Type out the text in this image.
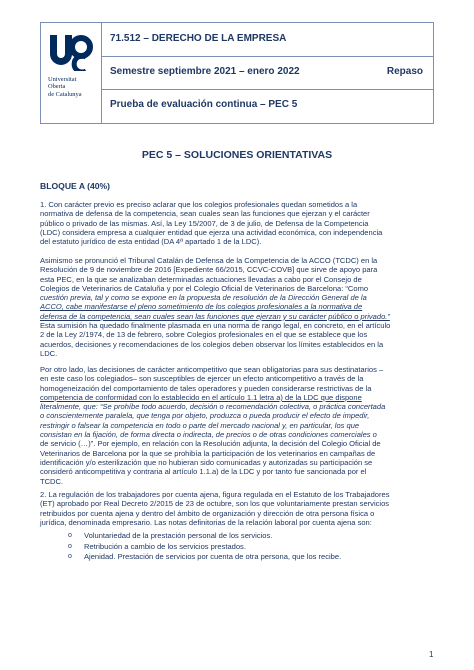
Universitat
Oberta
de Catalunya
71.512 – DERECHO DE LA EMPRESA
Semestre septiembre 2021 – enero 2022	Repaso
Prueba de evaluación continua – PEC 5
PEC 5 – SOLUCIONES ORIENTATIVAS
BLOQUE A (40%)

1. Con carácter previo es preciso aclarar que los colegios profesionales quedan sometidos a la
normativa de defensa de la competencia, sean cuales sean las funciones que ejerzan y el carácter
público o privado de las mismas. Así, la Ley 15/2007, de 3 de julio, de Defensa de la Competencia
(LDC) considera empresa a cualquier entidad que ejerza una actividad económica, con independencia
del estatuto jurídico de esta entidad (DA 4ª apartado 1 de la LDC).

Asimismo se pronunció el Tribunal Catalán de Defensa de la Competencia de la ACCO (TCDC) en la
Resolución de 9 de noviembre de 2016 [Expediente 66/2015, CCVC-COVB] que sirve de apoyo para
esta PEC, en la que se analizaban determinadas actuaciones llevadas a cabo por el Consejo de
Colegios de Veterinarios de Cataluña y por el Colegio Oficial de Veterinarios de Barcelona: “Como
cuestión previa, tal y como se expone en la propuesta de resolución de la Dirección General de la
ACCO, cabe manifestarse el pleno sometimiento de los colegios profesionales a la normativa de
defensa de la competencia, sean cuales sean las funciones que ejerzan y su carácter público o privado.”
Esta sumisión ha quedado finalmente plasmada en una norma de rango legal, en concreto, en el artículo
2 de la Ley 2/1974, de 13 de febrero, sobre Colegios profesionales en el que se establece que los
acuerdos, decisiones y recomendaciones de los colegios deben observar los límites establecidos en la
LDC.

Por otro lado, las decisiones de carácter anticompetitivo que sean obligatorias para sus destinatarios –
en este caso los colegiados– son susceptibles de ejercer un efecto anticompetitivo a través de la
homogeneización del comportamiento de tales operadores y pueden considerarse restrictivas de la
competencia de conformidad con lo establecido en el artículo 1.1 letra a) de la LDC que dispone
literalmente, que: “Se prohíbe todo acuerdo, decisión o recomendación colectiva, o práctica concertada
o conscientemente paralela, que tenga por objeto, produzca o pueda producir el efecto de impedir,
restringir o falsear la competencia en todo o parte del mercado nacional y, en particular, los que
consistan en la fijación, de forma directa o indirecta, de precios o de otras condiciones comerciales o
de servicio (…)”. Por ejemplo, en relación con la Resolución adjunta, la decisión del Colegio Oficial de
Veterinarios de Barcelona por la que se prohibía la participación de los veterinarios en campañas de
identificación y/o esterilización que no hubieran sido comunicadas y autorizadas su participación se
consideró anticompetitiva y contraria al artículo 1.1.a) de la LDC y por tanto fue sancionada por el
TCDC.

2. La regulación de los trabajadores por cuenta ajena, figura regulada en el Estatuto de los Trabajadores
(ET) aprobado por Real Decreto 2/2015 de 23 de octubre, son los que voluntariamente prestan servicios
retribuidos por cuenta ajena y dentro del ámbito de organización y dirección de otra persona física o
jurídica, denominada empresario. Las notas definitorias de la relación laboral por cuenta ajena son:

o Voluntariedad de la prestación personal de los servicios.
o Retribución a cambio de los servicios prestados.
o Ajenidad. Prestación de servicios por cuenta de otra persona, que los recibe.
1
